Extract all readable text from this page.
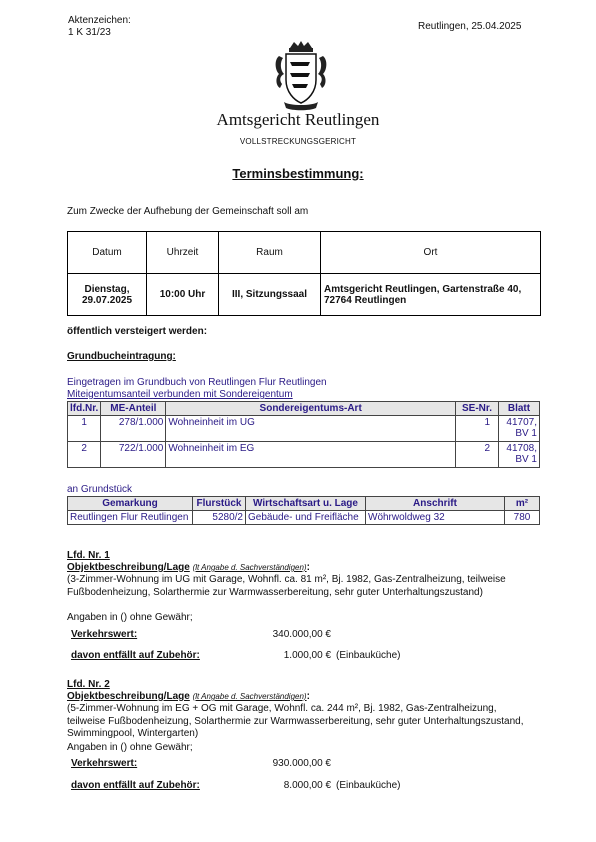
Aktenzeichen:
1 K 31/23
Reutlingen, 25.04.2025
Amtsgericht Reutlingen
VOLLSTRECKUNGSGERICHT
Terminsbestimmung:
Zum Zwecke der Aufhebung der Gemeinschaft soll am
Datum	Uhrzeit	Raum	Ort
Dienstag, 29.07.2025	10:00 Uhr	III, Sitzungssaal	Amtsgericht Reutlingen, Gartenstraße 40, 72764 Reutlingen
öffentlich versteigert werden:
Grundbucheintragung:
Eingetragen im Grundbuch von Reutlingen Flur Reutlingen
Miteigentumsanteil verbunden mit Sondereigentum
lfd.Nr.	ME-Anteil	Sondereigentums-Art	SE-Nr.	Blatt
1	278/1.000	Wohneinheit im UG	1	41707, BV 1
2	722/1.000	Wohneinheit im EG	2	41708, BV 1
an Grundstück
Gemarkung	Flurstück	Wirtschaftsart u. Lage	Anschrift	m²
Reutlingen Flur Reutlingen	5280/2	Gebäude- und Freifläche	Wöhrwoldweg 32	780
Lfd. Nr. 1
Objektbeschreibung/Lage (lt Angabe d. Sachverständigen):
(3-Zimmer-Wohnung im UG mit Garage, Wohnfl. ca. 81 m², Bj. 1982, Gas-Zentralheizung, teilweise Fußbodenheizung, Solarthermie zur Warmwasserbereitung, sehr guter Unterhaltungszustand)
Angaben in () ohne Gewähr;
Verkehrswert:	340.000,00 €
davon entfällt auf Zubehör:	1.000,00 € (Einbauküche)
Lfd. Nr. 2
Objektbeschreibung/Lage (lt Angabe d. Sachverständigen):
(5-Zimmer-Wohnung im EG + OG mit Garage, Wohnfl. ca. 244 m², Bj. 1982, Gas-Zentralheizung, teilweise Fußbodenheizung, Solarthermie zur Warmwasserbereitung, sehr guter Unterhaltungszustand, Swimmingpool, Wintergarten)
Angaben in () ohne Gewähr;
Verkehrswert:	930.000,00 €
davon entfällt auf Zubehör:	8.000,00 € (Einbauküche)
